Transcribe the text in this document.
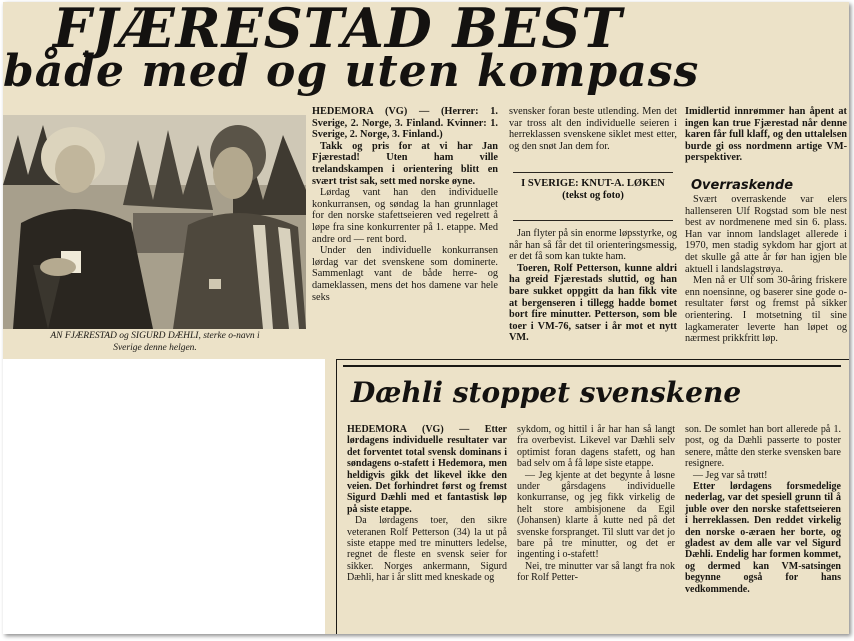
FJÆRESTAD BEST
både med og uten kompass
AN FJÆRESTAD og SIGURD DÆHLI, sterke o-navn i
Sverige denne helgen.

HEDEMORA (VG) — (Herrer: 1. Sverige, 2. Norge, 3. Finland. Kvinner: 1. Sverige, 2. Norge, 3. Finland.)

Takk og pris for at vi har Jan Fjærestad! Uten ham ville trelandskampen i orientering blitt en svært trist sak, sett med norske øyne.

Lørdag vant han den individuelle konkurransen, og søndag la han grunnlaget for den norske stafettseieren ved regelrett å løpe fra sine konkurrenter på 1. etappe. Med andre ord — rent bord.

Under den individuelle konkurransen lørdag var det svenskene som dominerte. Sammenlagt vant de både herre- og dameklassen, mens det hos damene var hele seks

svensker foran beste utlending. Men det var tross alt den individuelle seieren i herreklassen svenskene siklet mest etter, og den snøt Jan dem for.

I SVERIGE: KNUT-A. LØKEN (tekst og foto)

Jan flyter på sin enorme løpsstyrke, og når han så får det til orienteringsmessig, er det få som kan tukte ham.

Toeren, Rolf Petterson, kunne aldri ha greid Fjærestads sluttid, og han bare sukket oppgitt da han fikk vite at bergenseren i tillegg hadde bomet bort fire minutter. Petterson, som ble toer i VM-76, satser i år mot et nytt VM.

Imidlertid innrømmer han åpent at ingen kan true Fjærestad når denne karen får full klaff, og den uttalelsen burde gi oss nordmenn artige VM-perspektiver.

Overraskende

Svært overraskende var elers hallenseren Ulf Rogstad som ble nest best av nordmenene med sin 6. plass. Han var innom landslaget allerede i 1970, men stadig sykdom har gjort at det skulle gå atte år før han igjen ble aktuell i landslagstrøya.

Men nå er Ulf som 30-åring friskere enn noensinne, og baserer sine gode o-resultater først og fremst på sikker orientering. I motsetning til sine lagkamerater leverte han løpet og nærmest prikkfritt løp.

Dæhli stoppet svenskene

HEDEMORA (VG) — Etter lørdagens individuelle resultater var det forventet total svensk dominans i søndagens o-stafett i Hedemora, men heldigvis gikk det likevel ikke den veien. Det forhindret først og fremst Sigurd Dæhli med et fantastisk løp på siste etappe.

Da lørdagens toer, den sikre veteranen Rolf Petterson (34) la ut på siste etappe med tre minutters ledelse, regnet de fleste en svensk seier for sikker. Norges ankermann, Sigurd Dæhli, har i år slitt med kneskade og

sykdom, og hittil i år har han så langt fra overbevist. Likevel var Dæhli selv optimist foran dagens stafett, og han bad selv om å få løpe siste etappe.

— Jeg kjente at det begynte å løsne under gårsdagens individuelle konkurranse, og jeg fikk virkelig de helt store ambisjonene da Egil (Johansen) klarte å kutte ned på det svenske forspranget. Til slutt var det jo bare på tre minutter, og det er ingenting i o-stafett!

Nei, tre minutter var så langt fra nok for Rolf Petter-

son. De somlet han bort allerede på 1. post, og da Dæhli passerte to poster senere, måtte den sterke svensken bare resignere.

— Jeg var så trøtt!

Etter lørdagens forsmedelige nederlag, var det spesiell grunn til å juble over den norske stafettseieren i herreklassen. Den reddet virkelig den norske o-æraen her borte, og gladest av dem alle var vel Sigurd Dæhli. Endelig har formen kommet, og dermed kan VM-satsingen begynne også for hans vedkommende.
